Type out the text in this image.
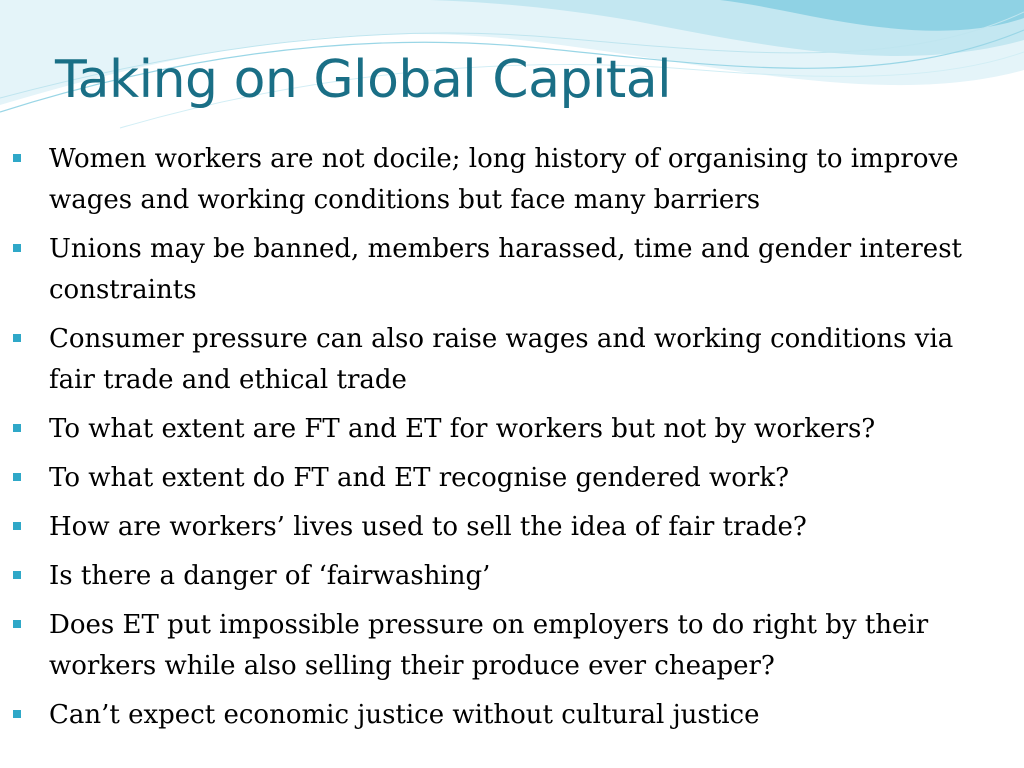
Taking on Global Capital
Women workers are not docile; long history of organising to improve wages and working conditions but face many barriers
Unions may be banned, members harassed, time and gender interest constraints
Consumer pressure can also raise wages and working conditions via fair trade and ethical trade
To what extent are FT and ET for workers but not by workers?
To what extent do FT and ET recognise gendered work?
How are workers’ lives used to sell the idea of fair trade?
Is there a danger of ‘fairwashing’
Does ET put impossible pressure on employers to do right by their workers while also selling their produce ever cheaper?
Can’t expect economic justice without cultural justice
